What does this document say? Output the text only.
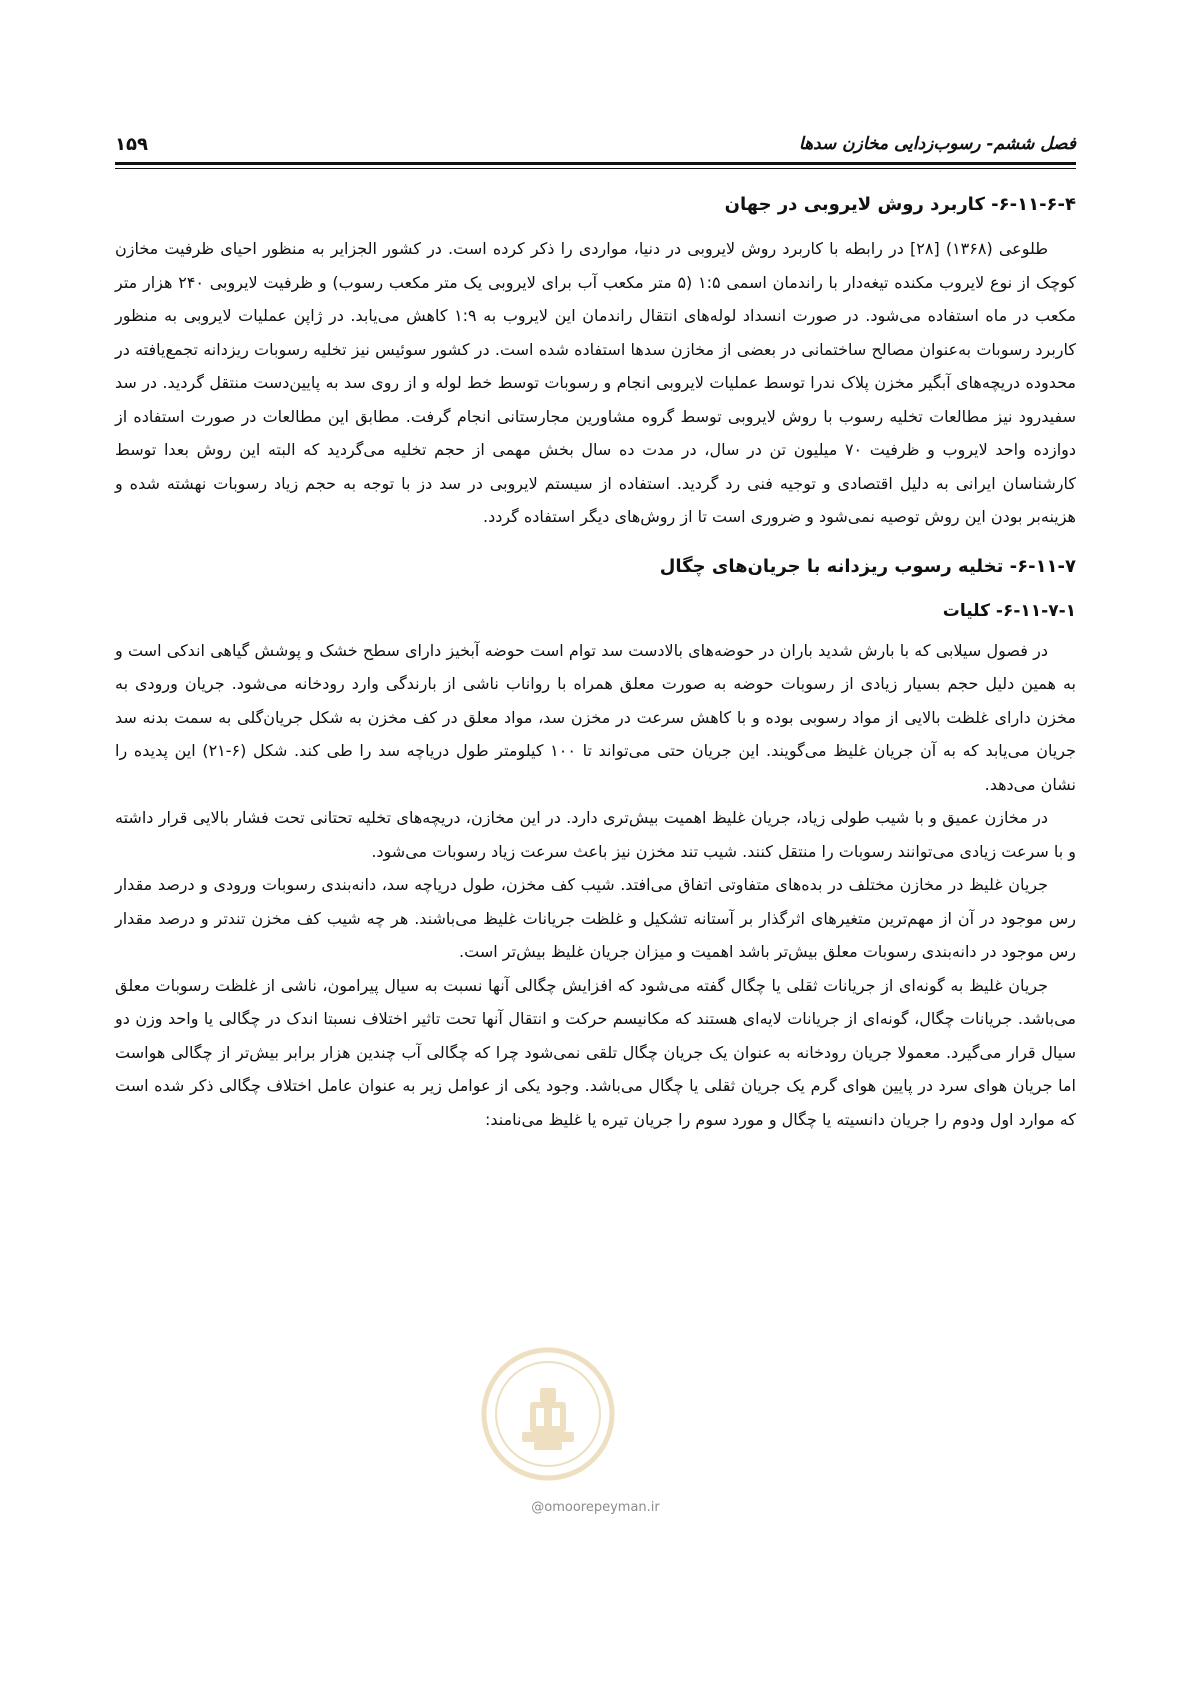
فصل ششم- رسوب‌زدایی مخازن سدها
۱۵۹
۶-۱۱-۶-۴- کاربرد روش لایروبی در جهان

طلوعی (۱۳۶۸) [۲۸] در رابطه با کاربرد روش لایروبی در دنیا، مواردی را ذکر کرده است. در کشور الجزایر به منظور احیای ظرفیت مخازن کوچک از نوع لایروب مکنده تیغه‌دار با راندمان اسمی ۱:۵ (۵ متر مکعب آب برای لایروبی یک متر مکعب رسوب) و ظرفیت لایروبی ۲۴۰ هزار متر مکعب در ماه استفاده می‌شود. در صورت انسداد لوله‌های انتقال راندمان این لایروب به ۱:۹ کاهش می‌یابد. در ژاپن عملیات لایروبی به منظور کاربرد رسوبات به‌عنوان مصالح ساختمانی در بعضی از مخازن سدها استفاده شده است. در کشور سوئیس نیز تخلیه رسوبات ریزدانه تجمع‌یافته در محدوده دریچه‌های آبگیر مخزن پلاک ندرا توسط عملیات لایروبی انجام و رسوبات توسط خط لوله و از روی سد به پایین‌دست منتقل گردید. در سد سفیدرود نیز مطالعات تخلیه رسوب با روش لایروبی توسط گروه مشاورین مجارستانی انجام گرفت. مطابق این مطالعات در صورت استفاده از دوازده واحد لایروب و ظرفیت ۷۰ میلیون تن در سال، در مدت ده سال بخش مهمی از حجم تخلیه می‌گردید که البته این روش بعدا توسط کارشناسان ایرانی به دلیل اقتصادی و توجیه فنی رد گردید. استفاده از سیستم لایروبی در سد دز با توجه به حجم زیاد رسوبات نهشته شده و هزینه‌بر بودن این روش توصیه نمی‌شود و ضروری است تا از روش‌های دیگر استفاده گردد.

۶-۱۱-۷- تخلیه رسوب ریزدانه با جریان‌های چگال
۶-۱۱-۷-۱- کلیات

در فصول سیلابی که با بارش شدید باران در حوضه‌های بالادست سد توام است حوضه آبخیز دارای سطح خشک و پوشش گیاهی اندکی است و به همین دلیل حجم بسیار زیادی از رسوبات حوضه به صورت معلق همراه با رواناب ناشی از بارندگی وارد رودخانه می‌شود. جریان ورودی به مخزن دارای غلظت بالایی از مواد رسوبی بوده و با کاهش سرعت در مخزن سد، مواد معلق در کف مخزن به شکل جریان‌گلی به سمت بدنه سد جریان می‌یابد که به آن جریان غلیظ می‌گویند. این جریان حتی می‌تواند تا ۱۰۰ کیلومتر طول دریاچه سد را طی کند. شکل (۶-۲۱) این پدیده را نشان می‌دهد.

در مخازن عمیق و با شیب طولی زیاد، جریان غلیظ اهمیت بیش‌تری دارد. در این مخازن، دریچه‌های تخلیه تحتانی تحت فشار بالایی قرار داشته و با سرعت زیادی می‌توانند رسوبات را منتقل کنند. شیب تند مخزن نیز باعث سرعت زیاد رسوبات می‌شود.

جریان غلیظ در مخازن مختلف در بده‌های متفاوتی اتفاق می‌افتد. شیب کف مخزن، طول دریاچه سد، دانه‌بندی رسوبات ورودی و درصد مقدار رس موجود در آن از مهم‌ترین متغیرهای اثرگذار بر آستانه تشکیل و غلظت جریانات غلیظ می‌باشند. هر چه شیب کف مخزن تندتر و درصد مقدار رس موجود در دانه‌بندی رسوبات معلق بیش‌تر باشد اهمیت و میزان جریان غلیظ بیش‌تر است.

جریان غلیظ به گونه‌ای از جریانات ثقلی یا چگال گفته می‌شود که افزایش چگالی آنها نسبت به سیال پیرامون، ناشی از غلظت رسوبات معلق می‌باشد. جریانات چگال، گونه‌ای از جریانات لایه‌ای هستند که مکانیسم حرکت و انتقال آنها تحت تاثیر اختلاف نسبتا اندک در چگالی یا واحد وزن دو سیال قرار می‌گیرد. معمولا جریان رودخانه به عنوان یک جریان چگال تلقی نمی‌شود چرا که چگالی آب چندین هزار برابر بیش‌تر از چگالی هواست اما جریان هوای سرد در پایین هوای گرم یک جریان ثقلی یا چگال می‌باشد. وجود یکی از عوامل زیر به عنوان عامل اختلاف چگالی ذکر شده است که موارد اول ودوم را جریان دانسیته یا چگال و مورد سوم را جریان تیره یا غلیظ می‌نامند:

@omoorepeyman.ir
